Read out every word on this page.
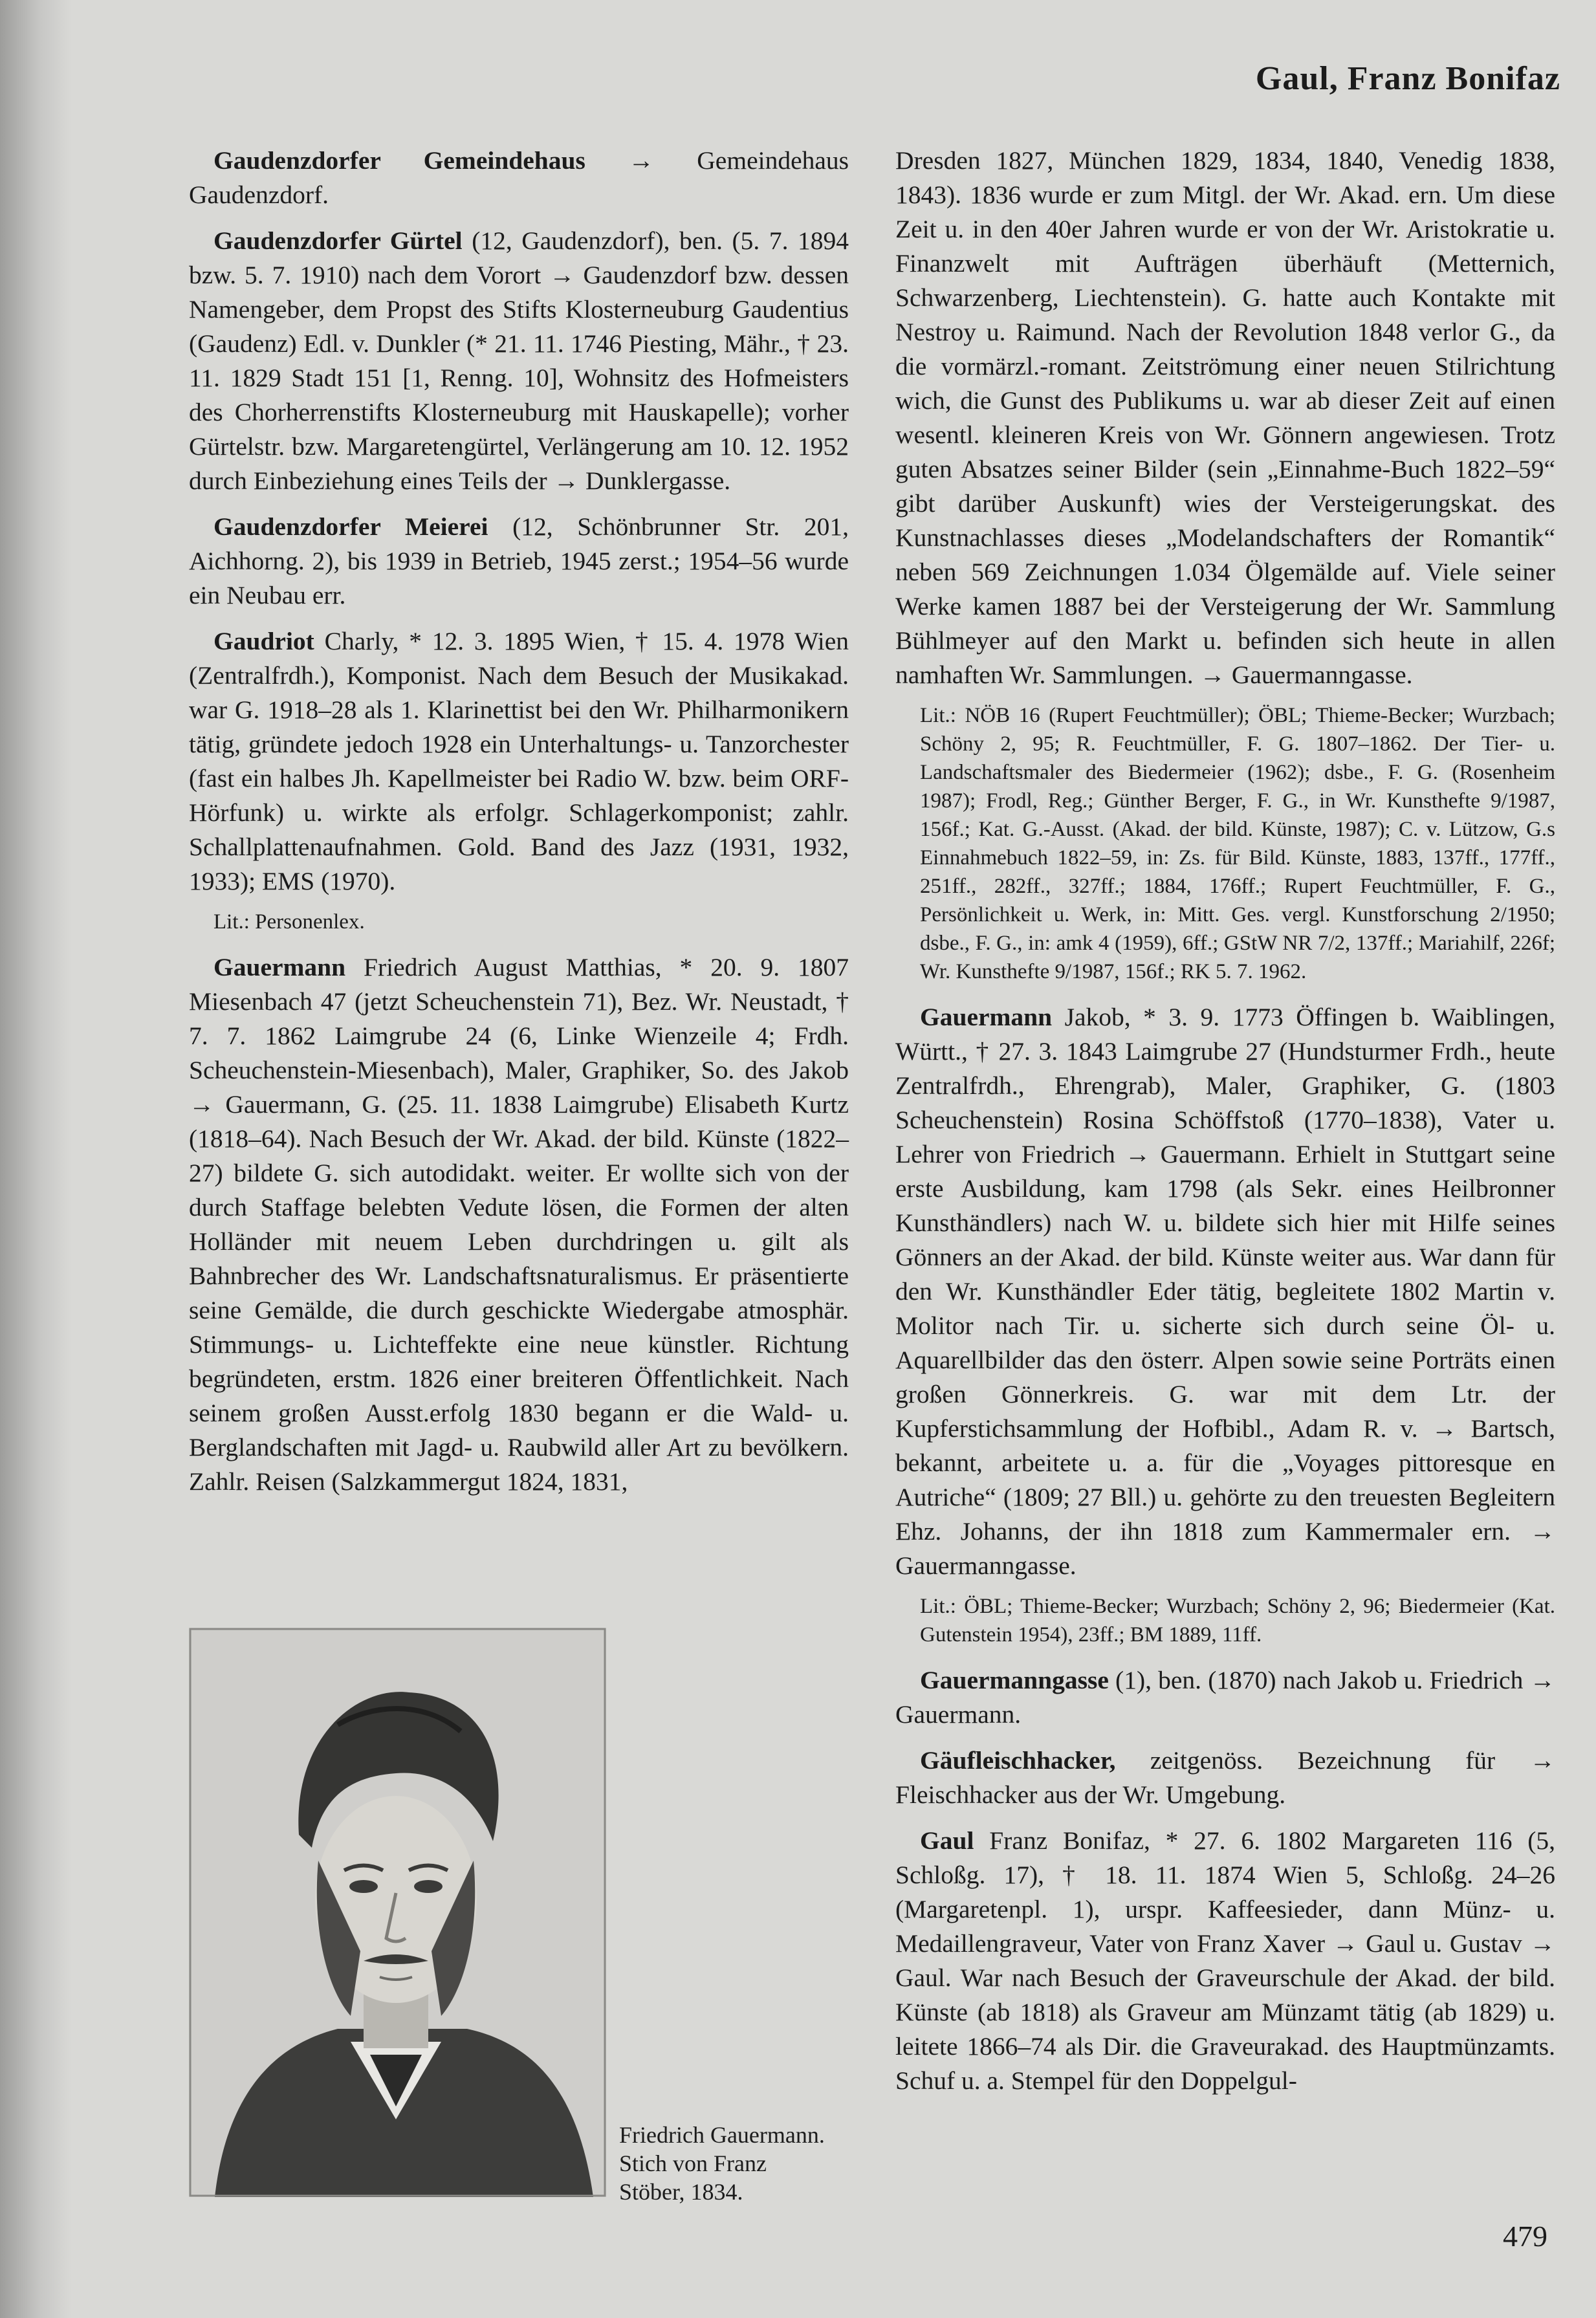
Gaul, Franz Bonifaz

Gaudenzdorfer Gemeindehaus → Gemeindehaus Gaudenzdorf.

Gaudenzdorfer Gürtel (12, Gaudenzdorf), ben. (5. 7. 1894 bzw. 5. 7. 1910) nach dem Vorort → Gaudenzdorf bzw. dessen Namengeber, dem Propst des Stifts Klosterneuburg Gaudentius (Gaudenz) Edl. v. Dunkler (* 21. 11. 1746 Piesting, Mähr., † 23. 11. 1829 Stadt 151 [1, Renng. 10], Wohnsitz des Hofmeisters des Chorherrenstifts Klosterneuburg mit Hauskapelle); vorher Gürtelstr. bzw. Margaretengürtel, Verlängerung am 10. 12. 1952 durch Einbeziehung eines Teils der → Dunklergasse.

Gaudenzdorfer Meierei (12, Schönbrunner Str. 201, Aichhorng. 2), bis 1939 in Betrieb, 1945 zerst.; 1954–56 wurde ein Neubau err.

Gaudriot Charly, * 12. 3. 1895 Wien, † 15. 4. 1978 Wien (Zentralfrdh.), Komponist. Nach dem Besuch der Musikakad. war G. 1918–28 als 1. Klarinettist bei den Wr. Philharmonikern tätig, gründete jedoch 1928 ein Unterhaltungs- u. Tanzorchester (fast ein halbes Jh. Kapellmeister bei Radio W. bzw. beim ORF-Hörfunk) u. wirkte als erfolgr. Schlagerkomponist; zahlr. Schallplattenaufnahmen. Gold. Band des Jazz (1931, 1932, 1933); EMS (1970).

Lit.: Personenlex.

Gauermann Friedrich August Matthias, * 20. 9. 1807 Miesenbach 47 (jetzt Scheuchenstein 71), Bez. Wr. Neustadt, † 7. 7. 1862 Laimgrube 24 (6, Linke Wienzeile 4; Frdh. Scheuchenstein-Miesenbach), Maler, Graphiker, So. des Jakob → Gauermann, G. (25. 11. 1838 Laimgrube) Elisabeth Kurtz (1818–64). Nach Besuch der Wr. Akad. der bild. Künste (1822–27) bildete G. sich autodidakt. weiter. Er wollte sich von der durch Staffage belebten Vedute lösen, die Formen der alten Holländer mit neuem Leben durchdringen u. gilt als Bahnbrecher des Wr. Landschaftsnaturalismus. Er präsentierte seine Gemälde, die durch geschickte Wiedergabe atmosphär. Stimmungs- u. Lichteffekte eine neue künstler. Richtung begründeten, erstm. 1826 einer breiteren Öffentlichkeit. Nach seinem großen Ausst.erfolg 1830 begann er die Wald- u. Berglandschaften mit Jagd- u. Raubwild aller Art zu bevölkern. Zahlr. Reisen (Salzkammergut 1824, 1831,

Friedrich Gauermann. Stich von Franz Stöber, 1834.

Dresden 1827, München 1829, 1834, 1840, Venedig 1838, 1843). 1836 wurde er zum Mitgl. der Wr. Akad. ern. Um diese Zeit u. in den 40er Jahren wurde er von der Wr. Aristokratie u. Finanzwelt mit Aufträgen überhäuft (Metternich, Schwarzenberg, Liechtenstein). G. hatte auch Kontakte mit Nestroy u. Raimund. Nach der Revolution 1848 verlor G., da die vormärzl.-romant. Zeitströmung einer neuen Stilrichtung wich, die Gunst des Publikums u. war ab dieser Zeit auf einen wesentl. kleineren Kreis von Wr. Gönnern angewiesen. Trotz guten Absatzes seiner Bilder (sein „Einnahme-Buch 1822–59“ gibt darüber Auskunft) wies der Versteigerungskat. des Kunstnachlasses dieses „Modelandschafters der Romantik“ neben 569 Zeichnungen 1.034 Ölgemälde auf. Viele seiner Werke kamen 1887 bei der Versteigerung der Wr. Sammlung Bühlmeyer auf den Markt u. befinden sich heute in allen namhaften Wr. Sammlungen. → Gauermanngasse.

Lit.: NÖB 16 (Rupert Feuchtmüller); ÖBL; Thieme-Becker; Wurzbach; Schöny 2, 95; R. Feuchtmüller, F. G. 1807–1862. Der Tier- u. Landschaftsmaler des Biedermeier (1962); dsbe., F. G. (Rosenheim 1987); Frodl, Reg.; Günther Berger, F. G., in Wr. Kunsthefte 9/1987, 156f.; Kat. G.-Ausst. (Akad. der bild. Künste, 1987); C. v. Lützow, G.s Einnahmebuch 1822–59, in: Zs. für Bild. Künste, 1883, 137ff., 177ff., 251ff., 282ff., 327ff.; 1884, 176ff.; Rupert Feuchtmüller, F. G., Persönlichkeit u. Werk, in: Mitt. Ges. vergl. Kunstforschung 2/1950; dsbe., F. G., in: amk 4 (1959), 6ff.; GStW NR 7/2, 137ff.; Mariahilf, 226f; Wr. Kunsthefte 9/1987, 156f.; RK 5. 7. 1962.

Gauermann Jakob, * 3. 9. 1773 Öffingen b. Waiblingen, Württ., † 27. 3. 1843 Laimgrube 27 (Hundsturmer Frdh., heute Zentralfrdh., Ehrengrab), Maler, Graphiker, G. (1803 Scheuchenstein) Rosina Schöffstoß (1770–1838), Vater u. Lehrer von Friedrich → Gauermann. Erhielt in Stuttgart seine erste Ausbildung, kam 1798 (als Sekr. eines Heilbronner Kunsthändlers) nach W. u. bildete sich hier mit Hilfe seines Gönners an der Akad. der bild. Künste weiter aus. War dann für den Wr. Kunsthändler Eder tätig, begleitete 1802 Martin v. Molitor nach Tir. u. sicherte sich durch seine Öl- u. Aquarellbilder das den österr. Alpen sowie seine Porträts einen großen Gönnerkreis. G. war mit dem Ltr. der Kupferstichsammlung der Hofbibl., Adam R. v. → Bartsch, bekannt, arbeitete u. a. für die „Voyages pittoresque en Autriche“ (1809; 27 Bll.) u. gehörte zu den treuesten Begleitern Ehz. Johanns, der ihn 1818 zum Kammermaler ern. → Gauermanngasse.

Lit.: ÖBL; Thieme-Becker; Wurzbach; Schöny 2, 96; Biedermeier (Kat. Gutenstein 1954), 23ff.; BM 1889, 11ff.

Gauermanngasse (1), ben. (1870) nach Jakob u. Friedrich → Gauermann.

Gäufleischhacker, zeitgenöss. Bezeichnung für → Fleischhacker aus der Wr. Umgebung.

Gaul Franz Bonifaz, * 27. 6. 1802 Margareten 116 (5, Schloßg. 17), † 18. 11. 1874 Wien 5, Schloßg. 24–26 (Margaretenpl. 1), urspr. Kaffeesieder, dann Münz- u. Medaillengraveur, Vater von Franz Xaver → Gaul u. Gustav → Gaul. War nach Besuch der Graveurschule der Akad. der bild. Künste (ab 1818) als Graveur am Münzamt tätig (ab 1829) u. leitete 1866–74 als Dir. die Graveurakad. des Hauptmünzamts. Schuf u. a. Stempel für den Doppelgul-

479
